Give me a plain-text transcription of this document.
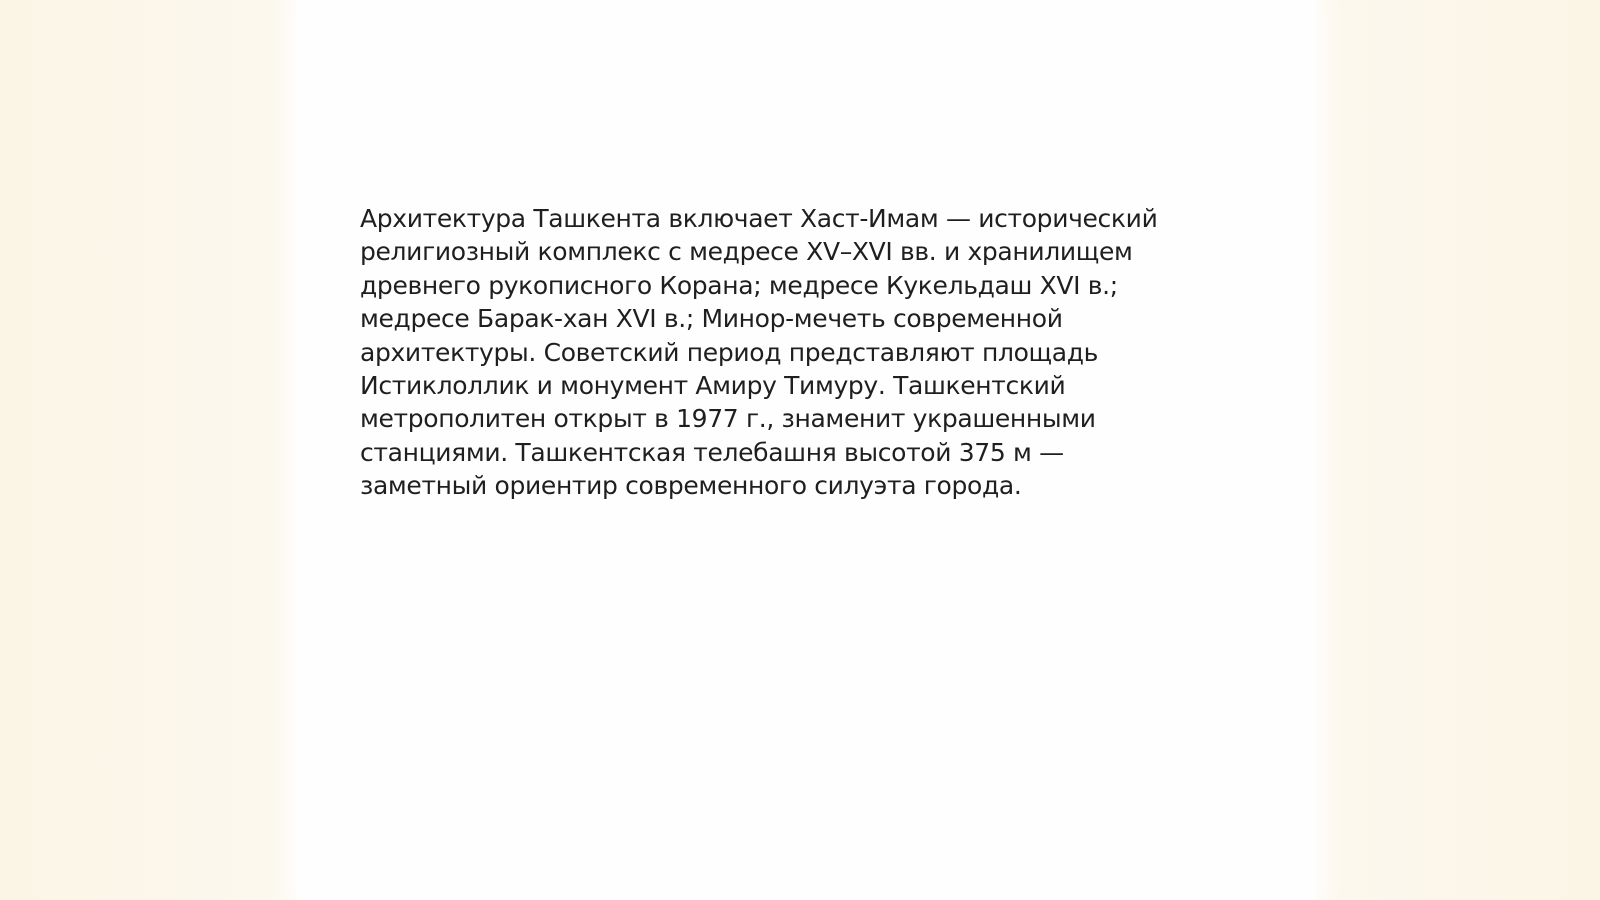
Архитектура Ташкента включает Хаст-Имам — исторический
религиозный комплекс с медресе XV–XVI вв. и хранилищем
древнего рукописного Корана; медресе Кукельдаш XVI в.;
медресе Барак-хан XVI в.; Минор-мечеть современной
архитектуры. Советский период представляют площадь
Истиклоллик и монумент Амиру Тимуру. Ташкентский
метрополитен открыт в 1977 г., знаменит украшенными
станциями. Ташкентская телебашня высотой 375 м —
заметный ориентир современного силуэта города.
